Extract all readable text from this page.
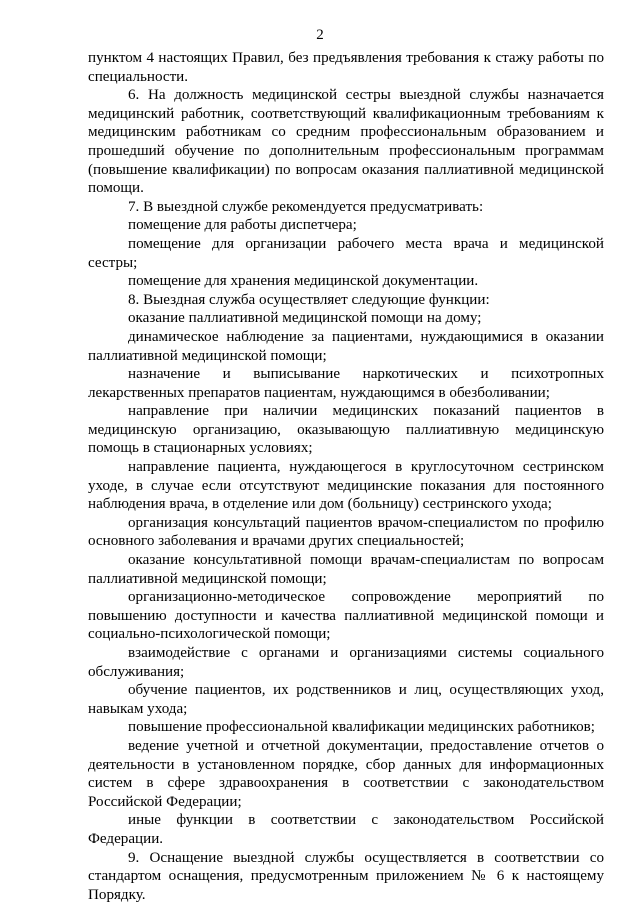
2

пунктом 4 настоящих Правил, без предъявления требования к стажу работы по специальности.

6. На должность медицинской сестры выездной службы назначается медицинский работник, соответствующий квалификационным требованиям к медицинским работникам со средним профессиональным образованием и прошедший обучение по дополнительным профессиональным программам (повышение квалификации) по вопросам оказания паллиативной медицинской помощи.

7. В выездной службе рекомендуется предусматривать:

помещение для работы диспетчера;

помещение для организации рабочего места врача и медицинской сестры;

помещение для хранения медицинской документации.

8. Выездная служба осуществляет следующие функции:

оказание паллиативной медицинской помощи на дому;

динамическое наблюдение за пациентами, нуждающимися в оказании паллиативной медицинской помощи;

назначение и выписывание наркотических и психотропных лекарственных препаратов пациентам, нуждающимся в обезболивании;

направление при наличии медицинских показаний пациентов в медицинскую организацию, оказывающую паллиативную медицинскую помощь в стационарных условиях;

направление пациента, нуждающегося в круглосуточном сестринском уходе, в случае если отсутствуют медицинские показания для постоянного наблюдения врача, в отделение или дом (больницу) сестринского ухода;

организация консультаций пациентов врачом-специалистом по профилю основного заболевания и врачами других специальностей;

оказание консультативной помощи врачам-специалистам по вопросам паллиативной медицинской помощи;

организационно-методическое сопровождение мероприятий по повышению доступности и качества паллиативной медицинской помощи и социально-психологической помощи;

взаимодействие с органами и организациями системы социального обслуживания;

обучение пациентов, их родственников и лиц, осуществляющих уход, навыкам ухода;

повышение профессиональной квалификации медицинских работников;

ведение учетной и отчетной документации, предоставление отчетов о деятельности в установленном порядке, сбор данных для информационных систем в сфере здравоохранения в соответствии с законодательством Российской Федерации;

иные функции в соответствии с законодательством Российской Федерации.

9. Оснащение выездной службы осуществляется в соответствии со стандартом оснащения, предусмотренным приложением № 6 к настоящему Порядку.
